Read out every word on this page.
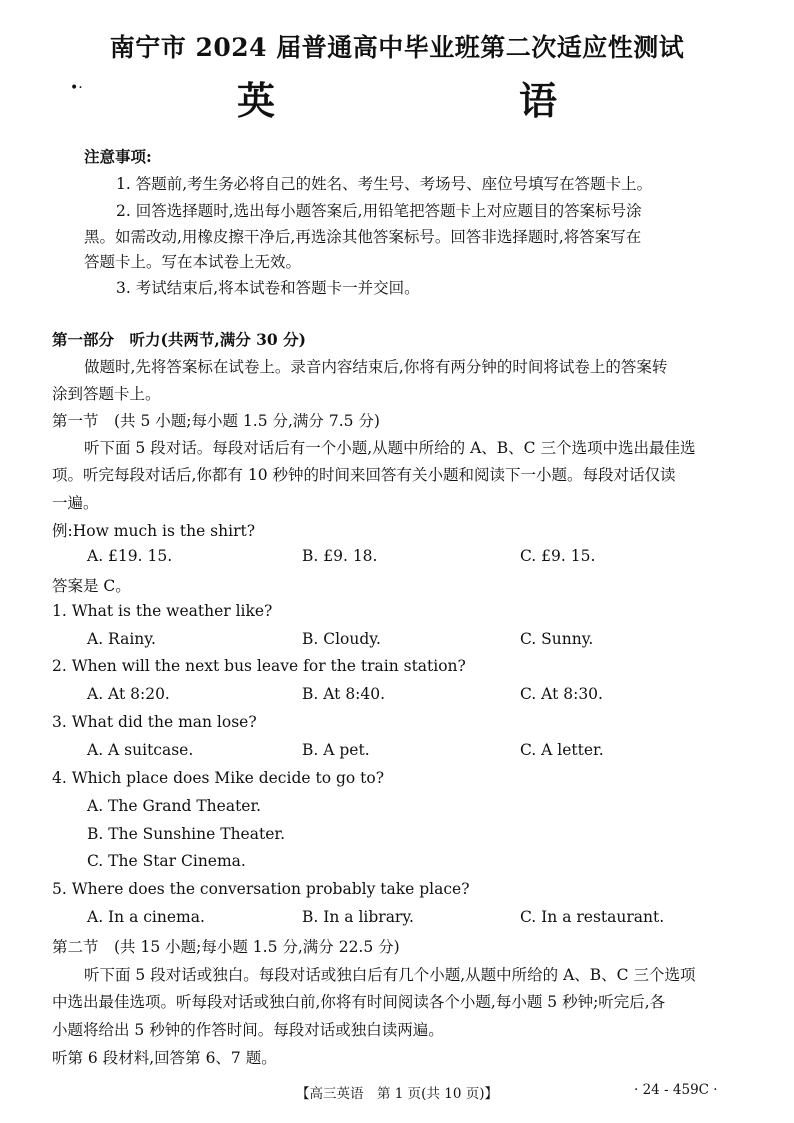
南宁市 2024 届普通高中毕业班第二次适应性测试
•·	英　　语
注意事项:
1. 答题前,考生务必将自己的姓名、考生号、考场号、座位号填写在答题卡上。
2. 回答选择题时,选出每小题答案后,用铅笔把答题卡上对应题目的答案标号涂
黑。如需改动,用橡皮擦干净后,再选涂其他答案标号。回答非选择题时,将答案写在
答题卡上。写在本试卷上无效。
3. 考试结束后,将本试卷和答题卡一并交回。
第一部分　听力(共两节,满分 30 分)
做题时,先将答案标在试卷上。录音内容结束后,你将有两分钟的时间将试卷上的答案转
涂到答题卡上。
第一节　(共 5 小题;每小题 1.5 分,满分 7.5 分)
听下面 5 段对话。每段对话后有一个小题,从题中所给的 A、B、C 三个选项中选出最佳选
项。听完每段对话后,你都有 10 秒钟的时间来回答有关小题和阅读下一小题。每段对话仅读
一遍。
例:How much is the shirt?
A. £19. 15.	B. £9. 18.	C. £9. 15.
答案是 C。
1. What is the weather like?
A. Rainy.	B. Cloudy.	C. Sunny.
2. When will the next bus leave for the train station?
A. At 8:20.	B. At 8:40.	C. At 8:30.
3. What did the man lose?
A. A suitcase.	B. A pet.	C. A letter.
4. Which place does Mike decide to go to?
A. The Grand Theater.
B. The Sunshine Theater.
C. The Star Cinema.
5. Where does the conversation probably take place?
A. In a cinema.	B. In a library.	C. In a restaurant.
第二节　(共 15 小题;每小题 1.5 分,满分 22.5 分)
听下面 5 段对话或独白。每段对话或独白后有几个小题,从题中所给的 A、B、C 三个选项
中选出最佳选项。听每段对话或独白前,你将有时间阅读各个小题,每小题 5 秒钟;听完后,各
小题将给出 5 秒钟的作答时间。每段对话或独白读两遍。
听第 6 段材料,回答第 6、7 题。
【高三英语　第 1 页(共 10 页)】	· 24 - 459C ·
